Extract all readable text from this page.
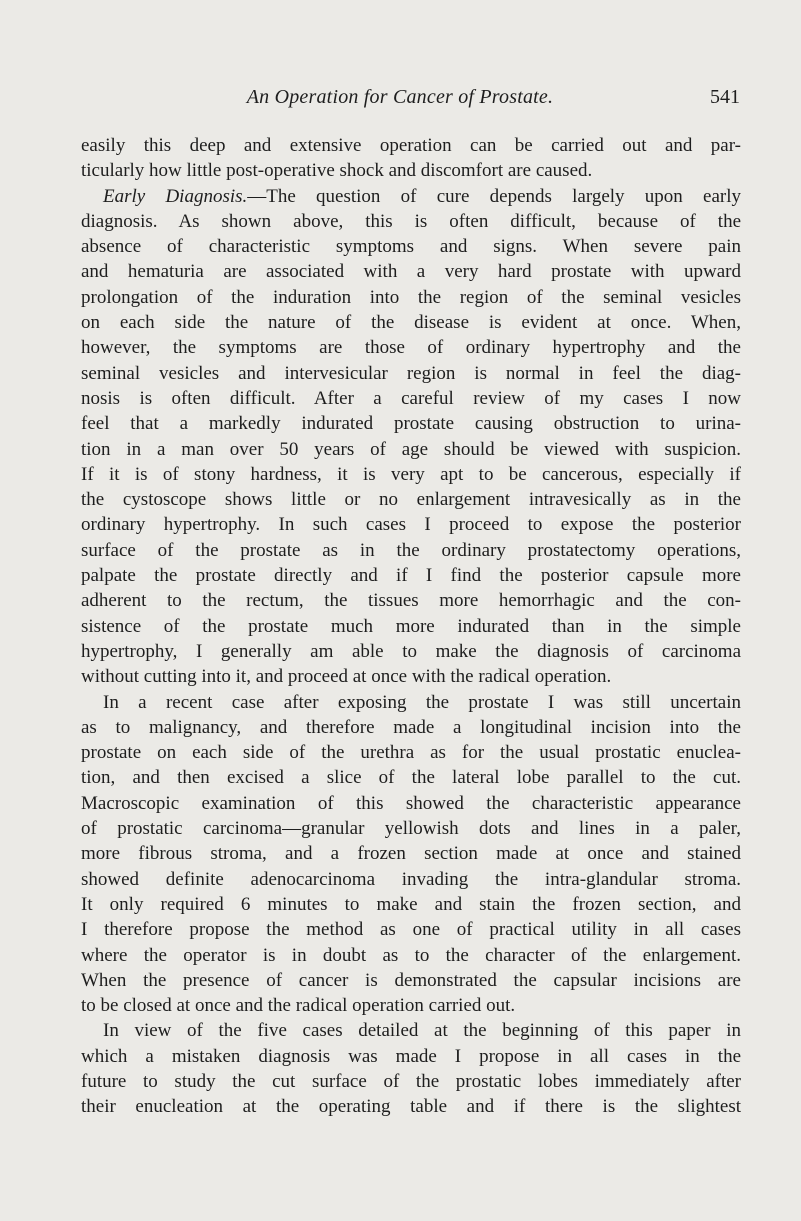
An Operation for Cancer of Prostate.	541
easily this deep and extensive operation can be carried out and par-
ticularly how little post-operative shock and discomfort are caused.
Early Diagnosis.—The question of cure depends largely upon early
diagnosis. As shown above, this is often difficult, because of the
absence of characteristic symptoms and signs. When severe pain
and hematuria are associated with a very hard prostate with upward
prolongation of the induration into the region of the seminal vesicles
on each side the nature of the disease is evident at once. When,
however, the symptoms are those of ordinary hypertrophy and the
seminal vesicles and intervesicular region is normal in feel the diag-
nosis is often difficult. After a careful review of my cases I now
feel that a markedly indurated prostate causing obstruction to urina-
tion in a man over 50 years of age should be viewed with suspicion.
If it is of stony hardness, it is very apt to be cancerous, especially if
the cystoscope shows little or no enlargement intravesically as in the
ordinary hypertrophy. In such cases I proceed to expose the posterior
surface of the prostate as in the ordinary prostatectomy operations,
palpate the prostate directly and if I find the posterior capsule more
adherent to the rectum, the tissues more hemorrhagic and the con-
sistence of the prostate much more indurated than in the simple
hypertrophy, I generally am able to make the diagnosis of carcinoma
without cutting into it, and proceed at once with the radical operation.
In a recent case after exposing the prostate I was still uncertain
as to malignancy, and therefore made a longitudinal incision into the
prostate on each side of the urethra as for the usual prostatic enuclea-
tion, and then excised a slice of the lateral lobe parallel to the cut.
Macroscopic examination of this showed the characteristic appearance
of prostatic carcinoma—granular yellowish dots and lines in a paler,
more fibrous stroma, and a frozen section made at once and stained
showed definite adenocarcinoma invading the intra-glandular stroma.
It only required 6 minutes to make and stain the frozen section, and
I therefore propose the method as one of practical utility in all cases
where the operator is in doubt as to the character of the enlargement.
When the presence of cancer is demonstrated the capsular incisions are
to be closed at once and the radical operation carried out.
In view of the five cases detailed at the beginning of this paper in
which a mistaken diagnosis was made I propose in all cases in the
future to study the cut surface of the prostatic lobes immediately after
their enucleation at the operating table and if there is the slightest
